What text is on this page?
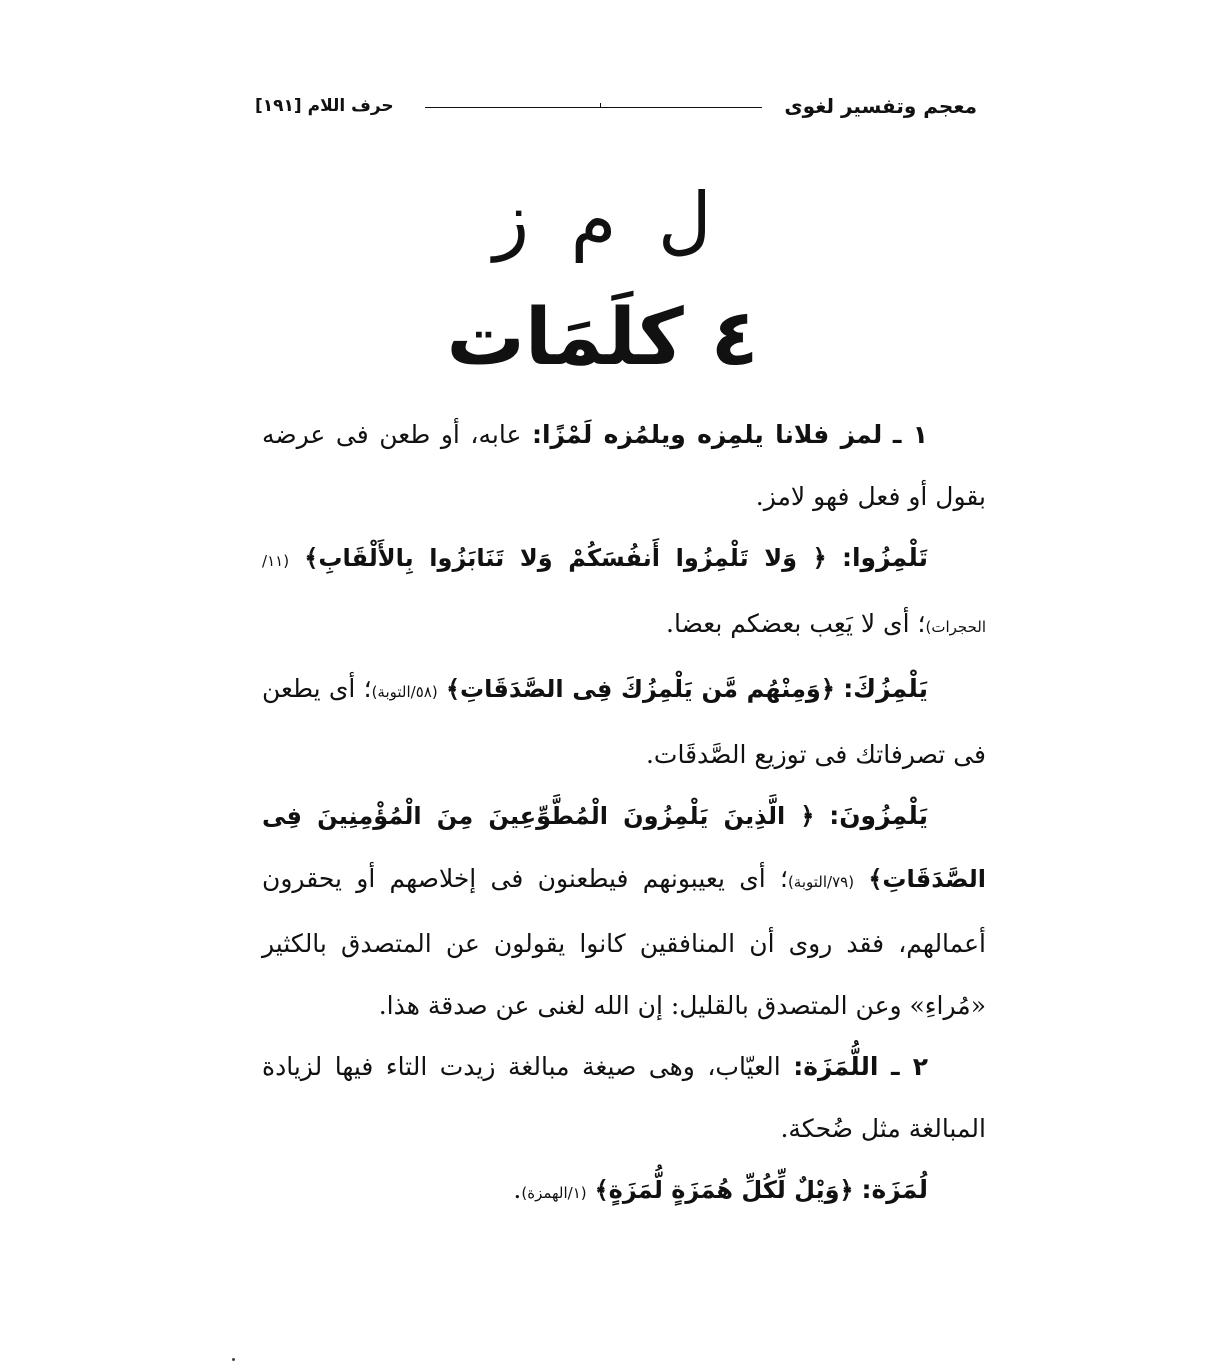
معجم وتفسير لغوى
حرف اللام [١٩١]
ل م ز
٤ كلَمَات

١ ـ لمز فلانا يلمِزه ويلمُزه لَمْزًا: عابه، أو طعن فى عرضه بقول أو فعل فهو لامز.

تَلْمِزُوا: ﴿ وَلا تَلْمِزُوا أَنفُسَكُمْ وَلا تَنَابَزُوا بِالأَلْقَابِ﴾ (١١/الحجرات)؛ أى لا يَعِب بعضكم بعضا.

يَلْمِزُكَ: ﴿وَمِنْهُم مَّن يَلْمِزُكَ فِى الصَّدَقَاتِ﴾ (٥٨/التوبة)؛ أى يطعن فى تصرفاتك فى توزيع الصَّدقَات.

يَلْمِزُونَ: ﴿ الَّذِينَ يَلْمِزُونَ الْمُطَّوِّعِينَ مِنَ الْمُؤْمِنِينَ فِى الصَّدَقَاتِ﴾ (٧٩/التوبة)؛ أى يعيبونهم فيطعنون فى إخلاصهم أو يحقرون أعمالهم، فقد روى أن المنافقين كانوا يقولون عن المتصدق بالكثير «مُراءِ» وعن المتصدق بالقليل: إن الله لغنى عن صدقة هذا.

٢ ـ اللُّمَزَة: العيّاب، وهى صيغة مبالغة زيدت التاء فيها لزيادة المبالغة مثل ضُحكة.

لُمَزَة: ﴿وَيْلٌ لِّكُلِّ هُمَزَةٍ لُّمَزَةٍ﴾ (١/الهمزة).
